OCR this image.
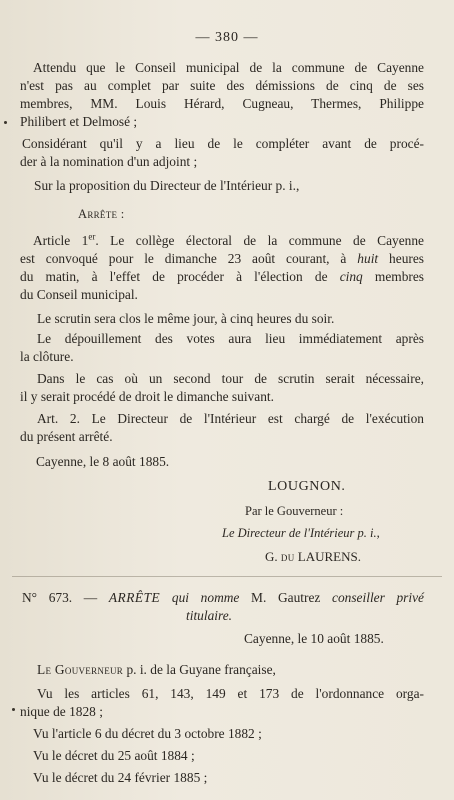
— 380 —
Attendu que le Conseil municipal de la commune de Cayenne
n'est pas au complet par suite des démissions de cinq de ses
membres, MM. Louis Hérard, Cugneau, Thermes, Philippe
Philibert et Delmosé ;
Considérant qu'il y a lieu de le compléter avant de procé-
der à la nomination d'un adjoint ;
Sur la proposition du Directeur de l'Intérieur p. i.,
Arrête :
Article 1er. Le collège électoral de la commune de Cayenne
est convoqué pour le dimanche 23 août courant, à huit heures
du matin, à l'effet de procéder à l'élection de cinq membres
du Conseil municipal.
Le scrutin sera clos le même jour, à cinq heures du soir.
Le dépouillement des votes aura lieu immédiatement après
la clôture.
Dans le cas où un second tour de scrutin serait nécessaire,
il y serait procédé de droit le dimanche suivant.
Art. 2. Le Directeur de l'Intérieur est chargé de l'exécution
du présent arrêté.
Cayenne, le 8 août 1885.
LOUGNON.
Par le Gouverneur :
Le Directeur de l'Intérieur p. i.,
G. du LAURENS.
N° 673. — ARRÊTE qui nomme M. Gautrez conseiller privé
titulaire.
Cayenne, le 10 août 1885.
Le Gouverneur p. i. de la Guyane française,
Vu les articles 61, 143, 149 et 173 de l'ordonnance orga-
nique de 1828 ;
Vu l'article 6 du décret du 3 octobre 1882 ;
Vu le décret du 25 août 1884 ;
Vu le décret du 24 février 1885 ;
